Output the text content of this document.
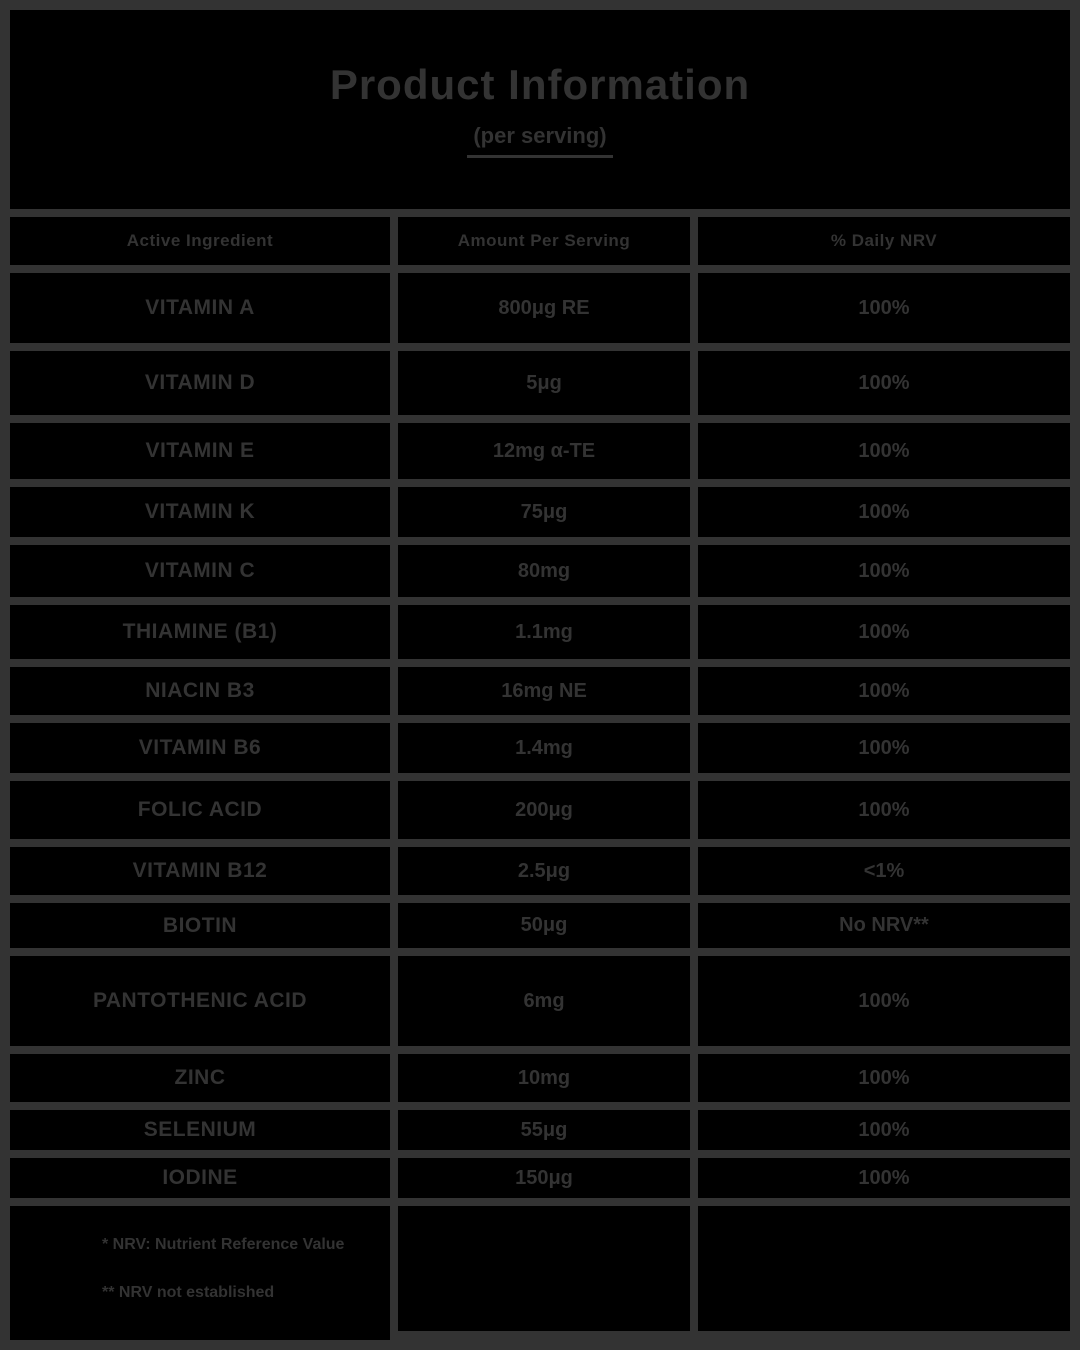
Product Information
(per serving)
Active Ingredient	Amount Per Serving	% Daily NRV
VITAMIN A	800μg RE	100%
VITAMIN D	5μg	100%
VITAMIN E	12mg α-TE	100%
VITAMIN K	75μg	100%
VITAMIN C	80mg	100%
THIAMINE (B1)	1.1mg	100%
NIACIN B3	16mg NE	100%
VITAMIN B6	1.4mg	100%
FOLIC ACID	200μg	100%
VITAMIN B12	2.5μg	<1%
BIOTIN	50μg	No NRV**
PANTOTHENIC ACID	6mg	100%
ZINC	10mg	100%
SELENIUM	55μg	100%
IODINE	150μg	100%
* NRV: Nutrient Reference Value
** NRV not established
